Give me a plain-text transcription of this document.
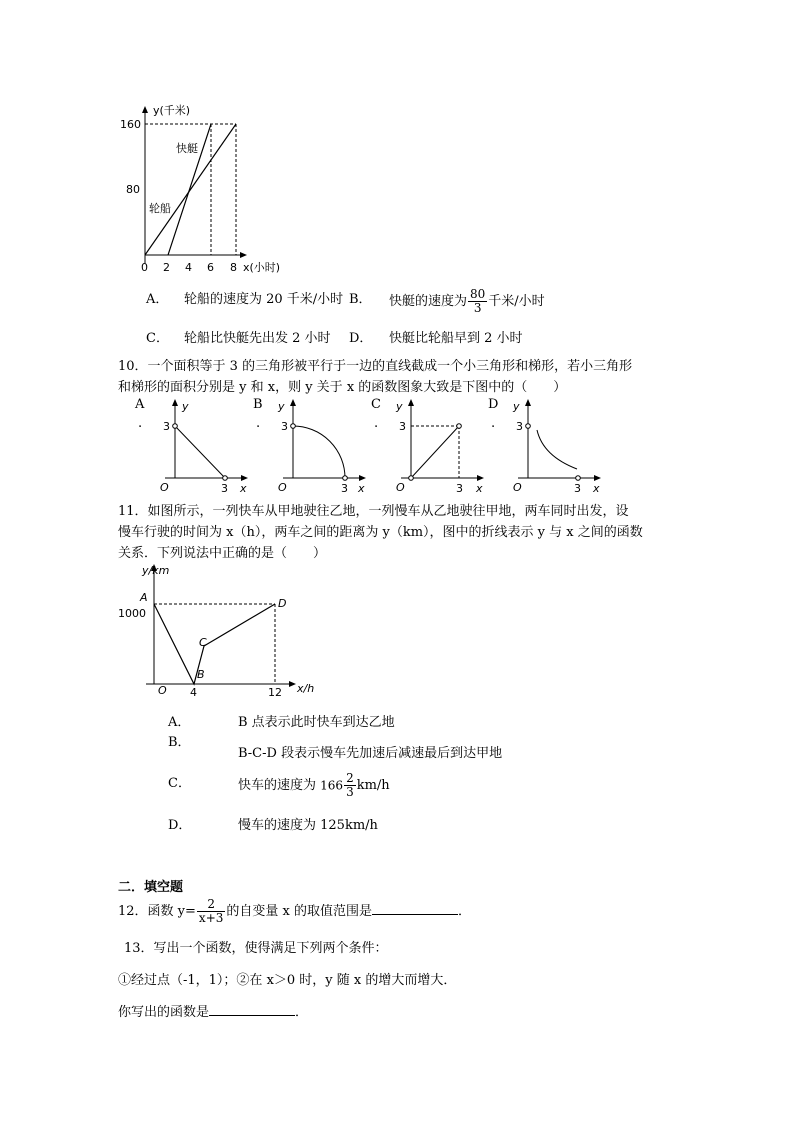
y(千米)
160
80
0 2 4 6 8 x(小时)
快艇
轮船
A． 轮船的速度为 20 千米/小时 B． 快艇的速度为 $\frac{80}{3}$ 千米/小时
C． 轮船比快艇先出发 2 小时 D． 快艇比轮船早到 2 小时
10．一个面积等于 3 的三角形被平行于一边的直线截成一个小三角形和梯形，若小三角形
和梯形的面积分别是 y 和 x，则 y 关于 x 的函数图象大致是下图中的（　　）
A
.
y
3
O	3 x
B
.
y
3
O	3 x
C
.
y
3
O	3 x
D
.
y
3
O	3 x
11．如图所示，一列快车从甲地驶往乙地，一列慢车从乙地驶往甲地，两车同时出发，设
慢车行驶的时间为 x（h），两车之间的距离为 y（km），图中的折线表示 y 与 x 之间的函数
关系．下列说法中正确的是（　　）
y/km
A
1000
D
C
B
O 4	12 x/h
A．	B 点表示此时快车到达乙地
B．
B-C-D 段表示慢车先加速后减速最后到达甲地
C．	快车的速度为 $166 \frac{2}{3} km/h$
D．	慢车的速度为 125km/h
二．填空题
12．函数 $y= \frac{2}{x+3}$ 的自变量 x 的取值范围是	．
13．写出一个函数，使得满足下列两个条件：
①经过点（-1，1）；②在 x＞0 时，y 随 x 的增大而增大．
你写出的函数是	．
